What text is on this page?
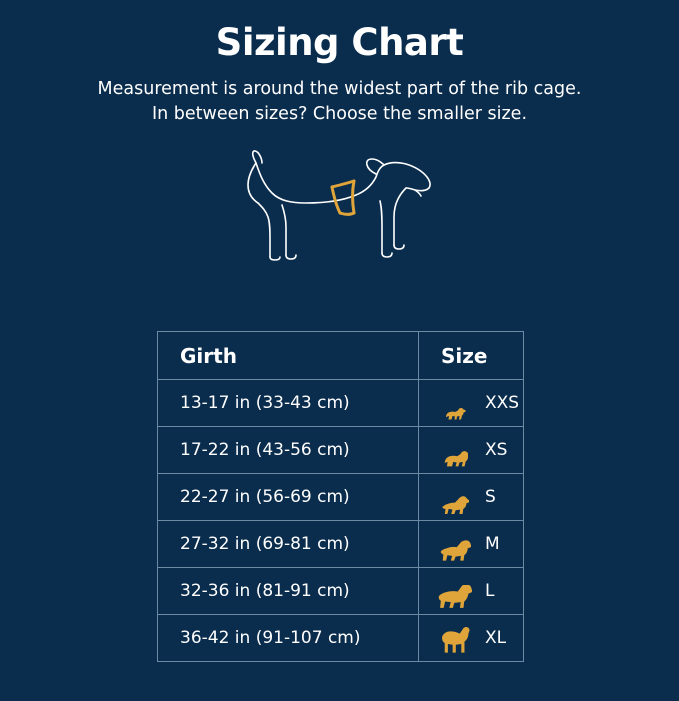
Sizing Chart
Measurement is around the widest part of the rib cage.
In between sizes? Choose the smaller size.
Girth	Size
13-17 in (33-43 cm)	XXS

17-22 in (43-56 cm)	XS

22-27 in (56-69 cm)	S

27-32 in (69-81 cm)	M

32-36 in (81-91 cm)	L

36-42 in (91-107 cm)	XL
